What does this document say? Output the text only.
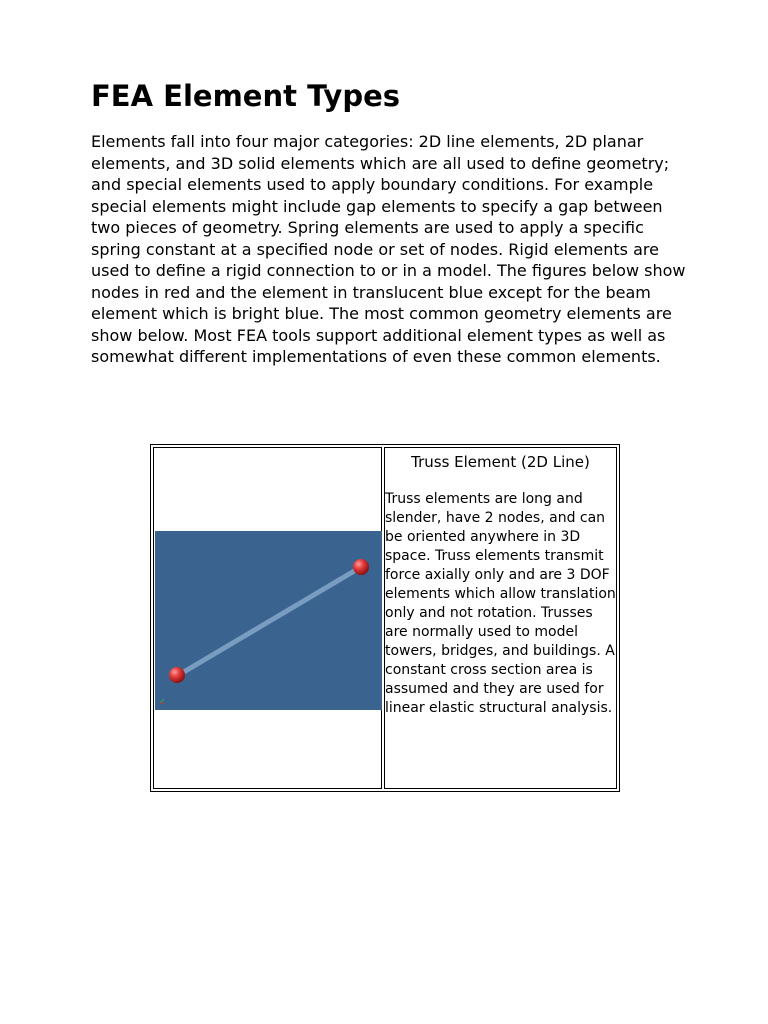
FEA Element Types

Elements fall into four major categories: 2D line elements, 2D planar elements, and 3D solid elements which are all used to define geometry; and special elements used to apply boundary conditions. For example special elements might include gap elements to specify a gap between two pieces of geometry. Spring elements are used to apply a specific spring constant at a specified node or set of nodes. Rigid elements are used to define a rigid connection to or in a model. The figures below show nodes in red and the element in translucent blue except for the beam element which is bright blue. The most common geometry elements are show below. Most FEA tools support additional element types as well as somewhat different implementations of even these common elements.

Truss Element (2D Line)

Truss elements are long and slender, have 2 nodes, and can be oriented anywhere in 3D space. Truss elements transmit force axially only and are 3 DOF elements which allow translation only and not rotation. Trusses are normally used to model towers, bridges, and buildings. A constant cross section area is assumed and they are used for linear elastic structural analysis.
